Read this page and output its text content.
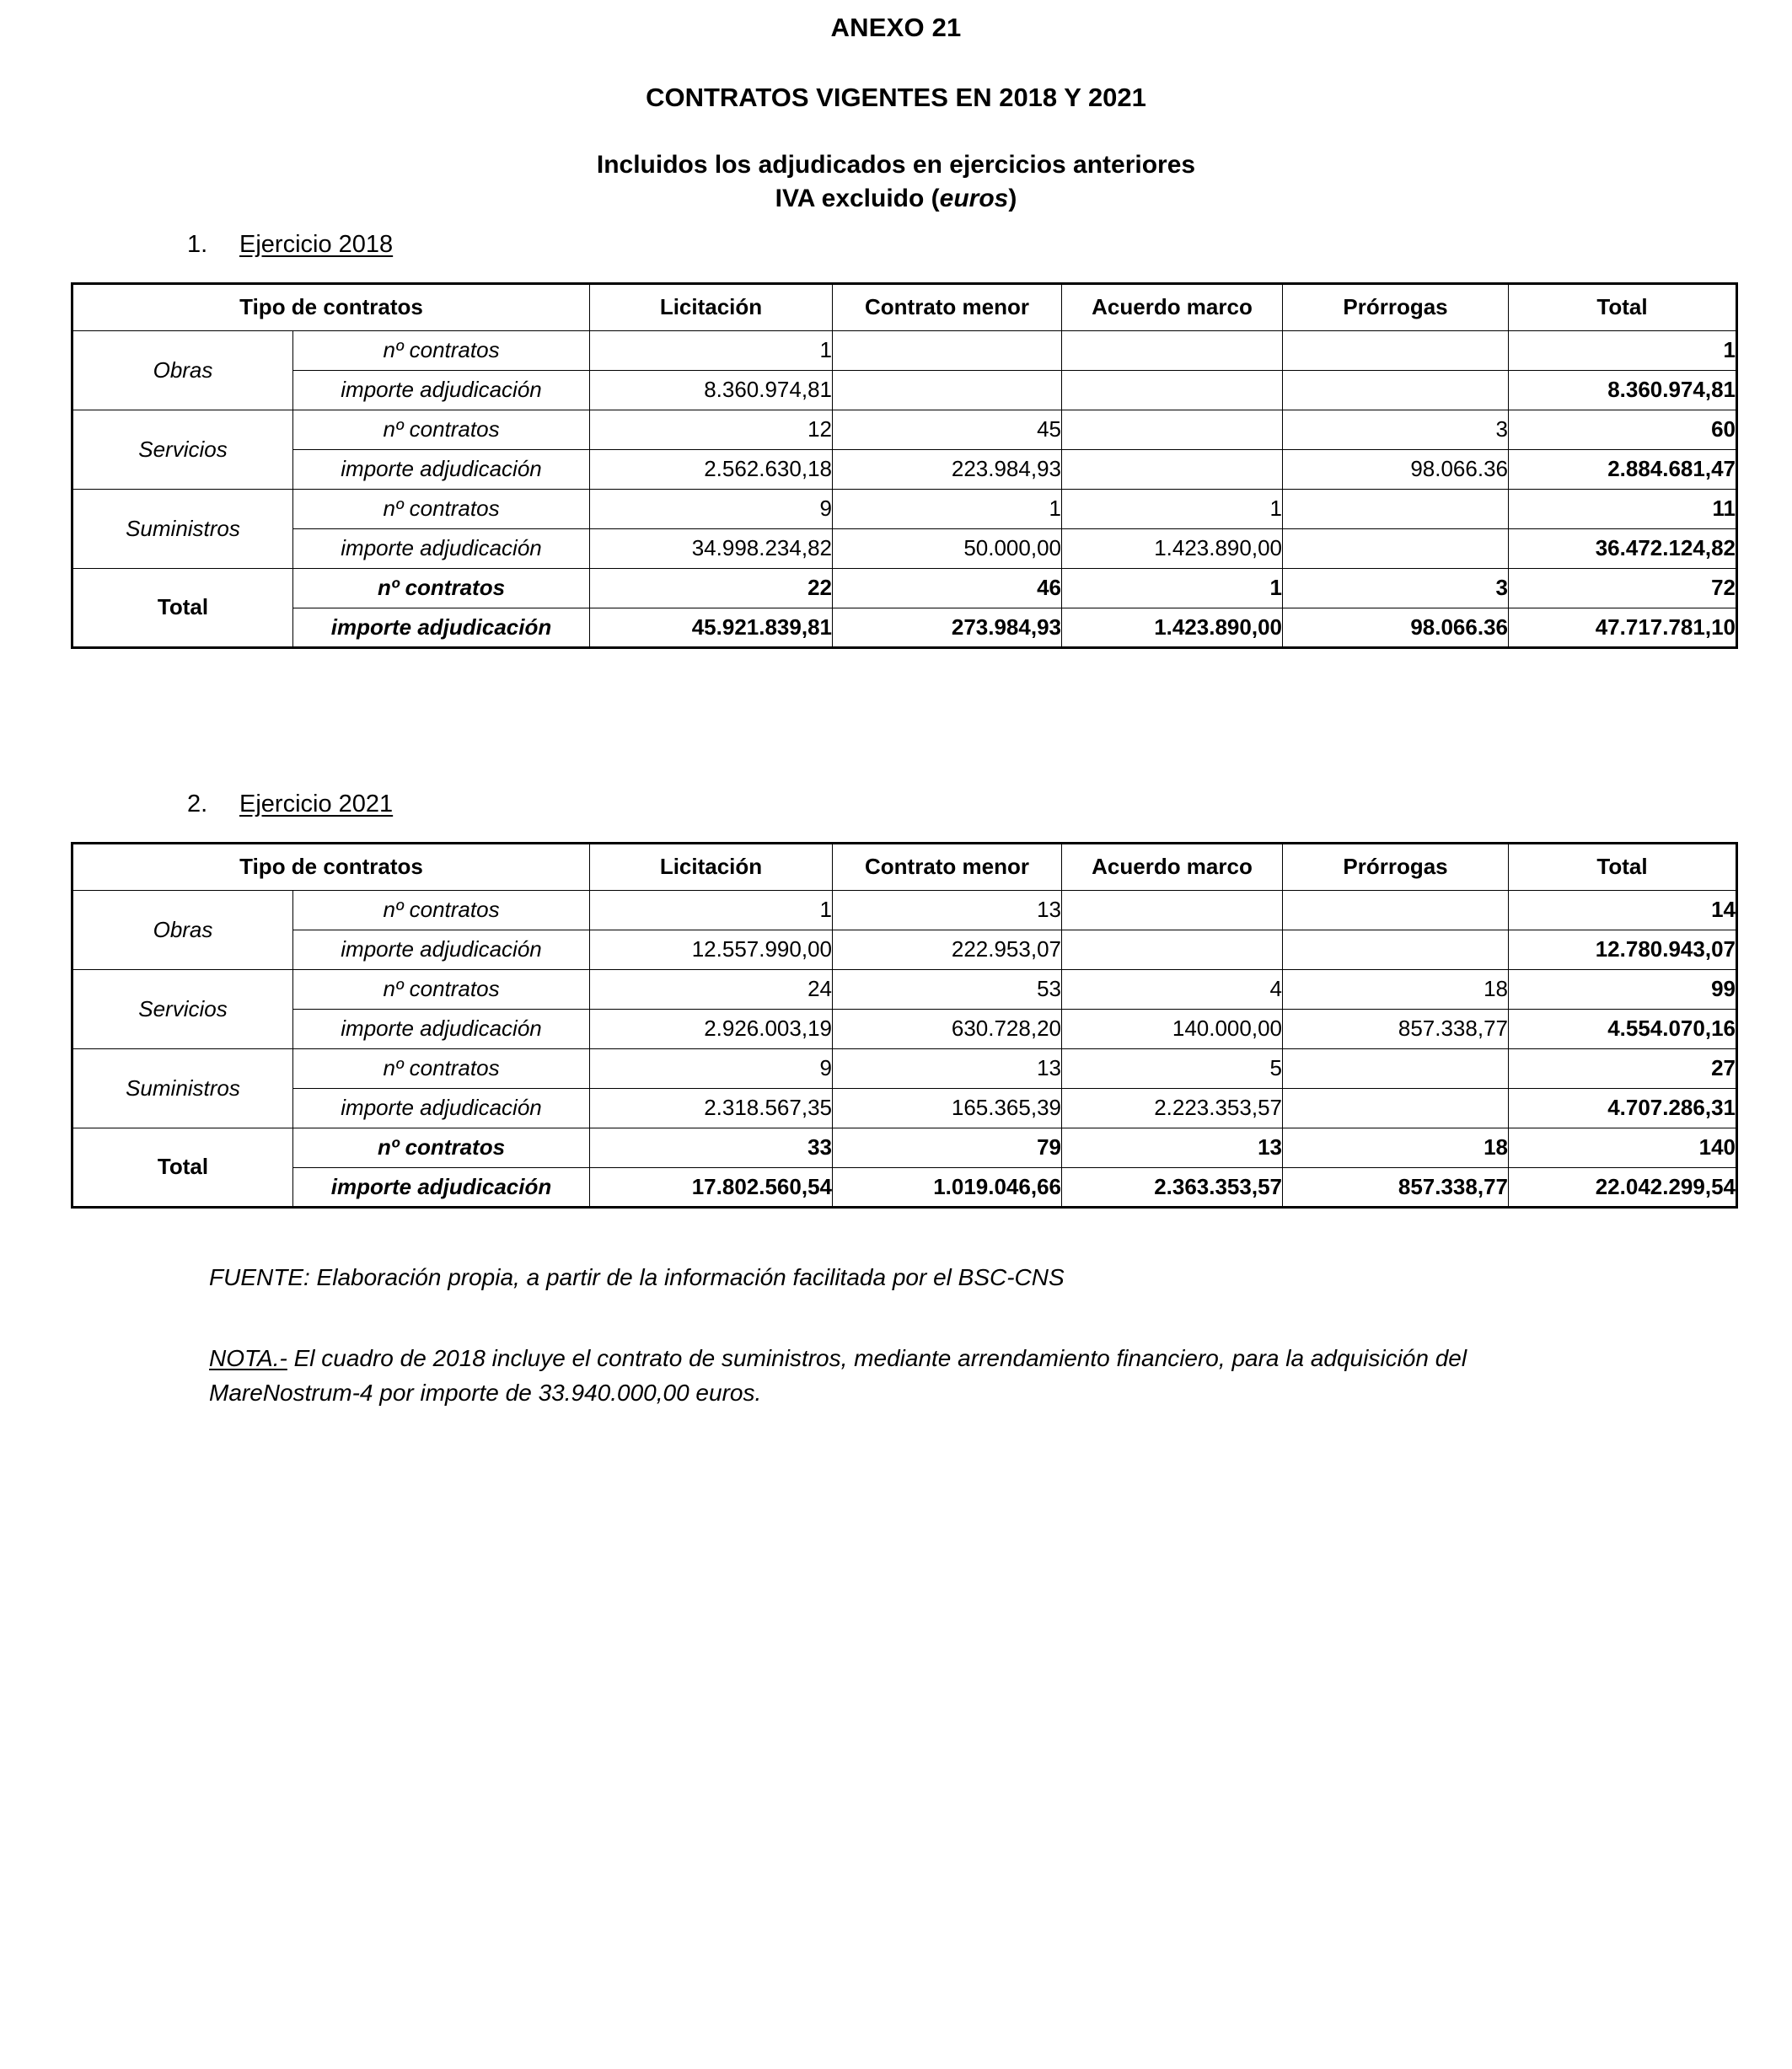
ANEXO 21
CONTRATOS VIGENTES EN 2018 Y 2021
Incluidos los adjudicados en ejercicios anteriores
IVA excluido (euros)
1.	Ejercicio 2018
Tipo de contratos		Licitación	Contrato menor	Acuerdo marco	Prórrogas	Total
Obras	nº contratos	1				1
	importe adjudicación	8.360.974,81				8.360.974,81
Servicios	nº contratos	12	45		3	60
	importe adjudicación	2.562.630,18	223.984,93		98.066.36	2.884.681,47
Suministros	nº contratos	9	1	1		11
	importe adjudicación	34.998.234,82	50.000,00	1.423.890,00		36.472.124,82
Total	nº contratos	22	46	1	3	72
	importe adjudicación	45.921.839,81	273.984,93	1.423.890,00	98.066.36	47.717.781,10
2.	Ejercicio 2021
Tipo de contratos		Licitación	Contrato menor	Acuerdo marco	Prórrogas	Total
Obras	nº contratos	1	13			14
	importe adjudicación	12.557.990,00	222.953,07			12.780.943,07
Servicios	nº contratos	24	53	4	18	99
	importe adjudicación	2.926.003,19	630.728,20	140.000,00	857.338,77	4.554.070,16
Suministros	nº contratos	9	13	5		27
	importe adjudicación	2.318.567,35	165.365,39	2.223.353,57		4.707.286,31
Total	nº contratos	33	79	13	18	140
	importe adjudicación	17.802.560,54	1.019.046,66	2.363.353,57	857.338,77	22.042.299,54
FUENTE: Elaboración propia, a partir de la información facilitada por el BSC-CNS
NOTA.- El cuadro de 2018 incluye el contrato de suministros, mediante arrendamiento financiero, para la adquisición del MareNostrum-4 por importe de 33.940.000,00 euros.
